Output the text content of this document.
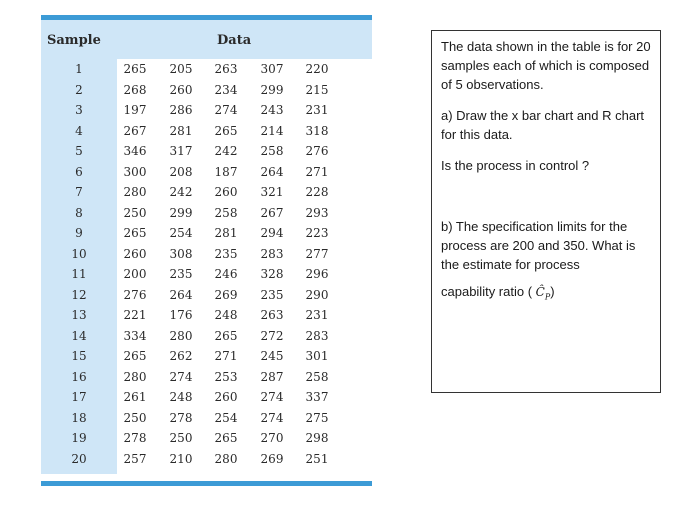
Sample	Data
1	265	205	263	307	220
2	268	260	234	299	215
3	197	286	274	243	231
4	267	281	265	214	318
5	346	317	242	258	276
6	300	208	187	264	271
7	280	242	260	321	228
8	250	299	258	267	293
9	265	254	281	294	223
10	260	308	235	283	277
11	200	235	246	328	296
12	276	264	269	235	290
13	221	176	248	263	231
14	334	280	265	272	283
15	265	262	271	245	301
16	280	274	253	287	258
17	261	248	260	274	337
18	250	278	254	274	275
19	278	250	265	270	298
20	257	210	280	269	251

The data shown in the table is for 20 samples each of which is composed of 5 observations.

a) Draw the x bar chart and R chart for this data.

Is the process in control ?

b) The specification limits for the process are 200 and 350. What is the estimate for process

capability ratio ( $Ĉ_P$)
